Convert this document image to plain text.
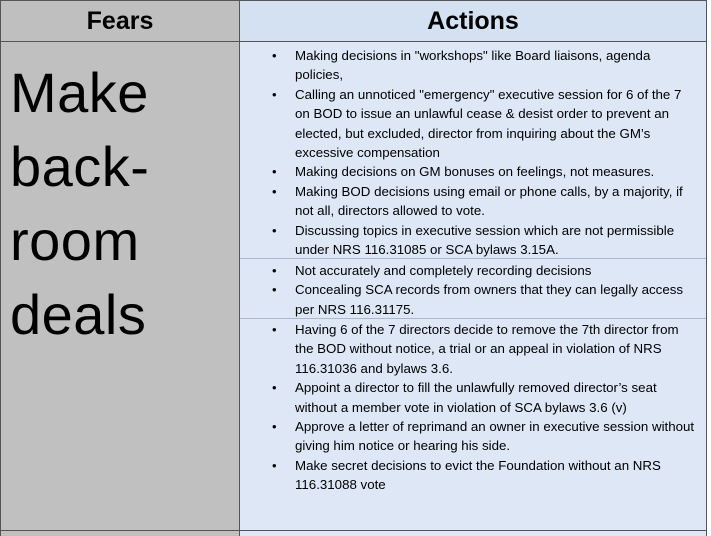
Fears	Actions
Make
back-
room
deals
• Making decisions in "workshops" like Board liaisons, agenda policies,
• Calling an unnoticed "emergency" executive session for 6 of the 7 on BOD to issue an unlawful cease & desist order to prevent an elected, but excluded, director from inquiring about the GM’s excessive compensation
• Making decisions on GM bonuses on feelings, not measures.
• Making BOD decisions using email or phone calls, by a majority, if not all, directors allowed to vote.
• Discussing topics in executive session which are not permissible under NRS 116.31085 or SCA bylaws 3.15A.
• Not accurately and completely recording decisions
• Concealing SCA records from owners that they can legally access per NRS 116.31175.
• Having 6 of the 7 directors decide to remove the 7th director from the BOD without notice, a trial or an appeal in violation of NRS 116.31036 and bylaws 3.6.
• Appoint a director to fill the unlawfully removed director’s seat without a member vote in violation of SCA bylaws 3.6 (v)
• Approve a letter of reprimand an owner in executive session without giving him notice or hearing his side.
• Make secret decisions to evict the Foundation without an NRS 116.31088 vote
